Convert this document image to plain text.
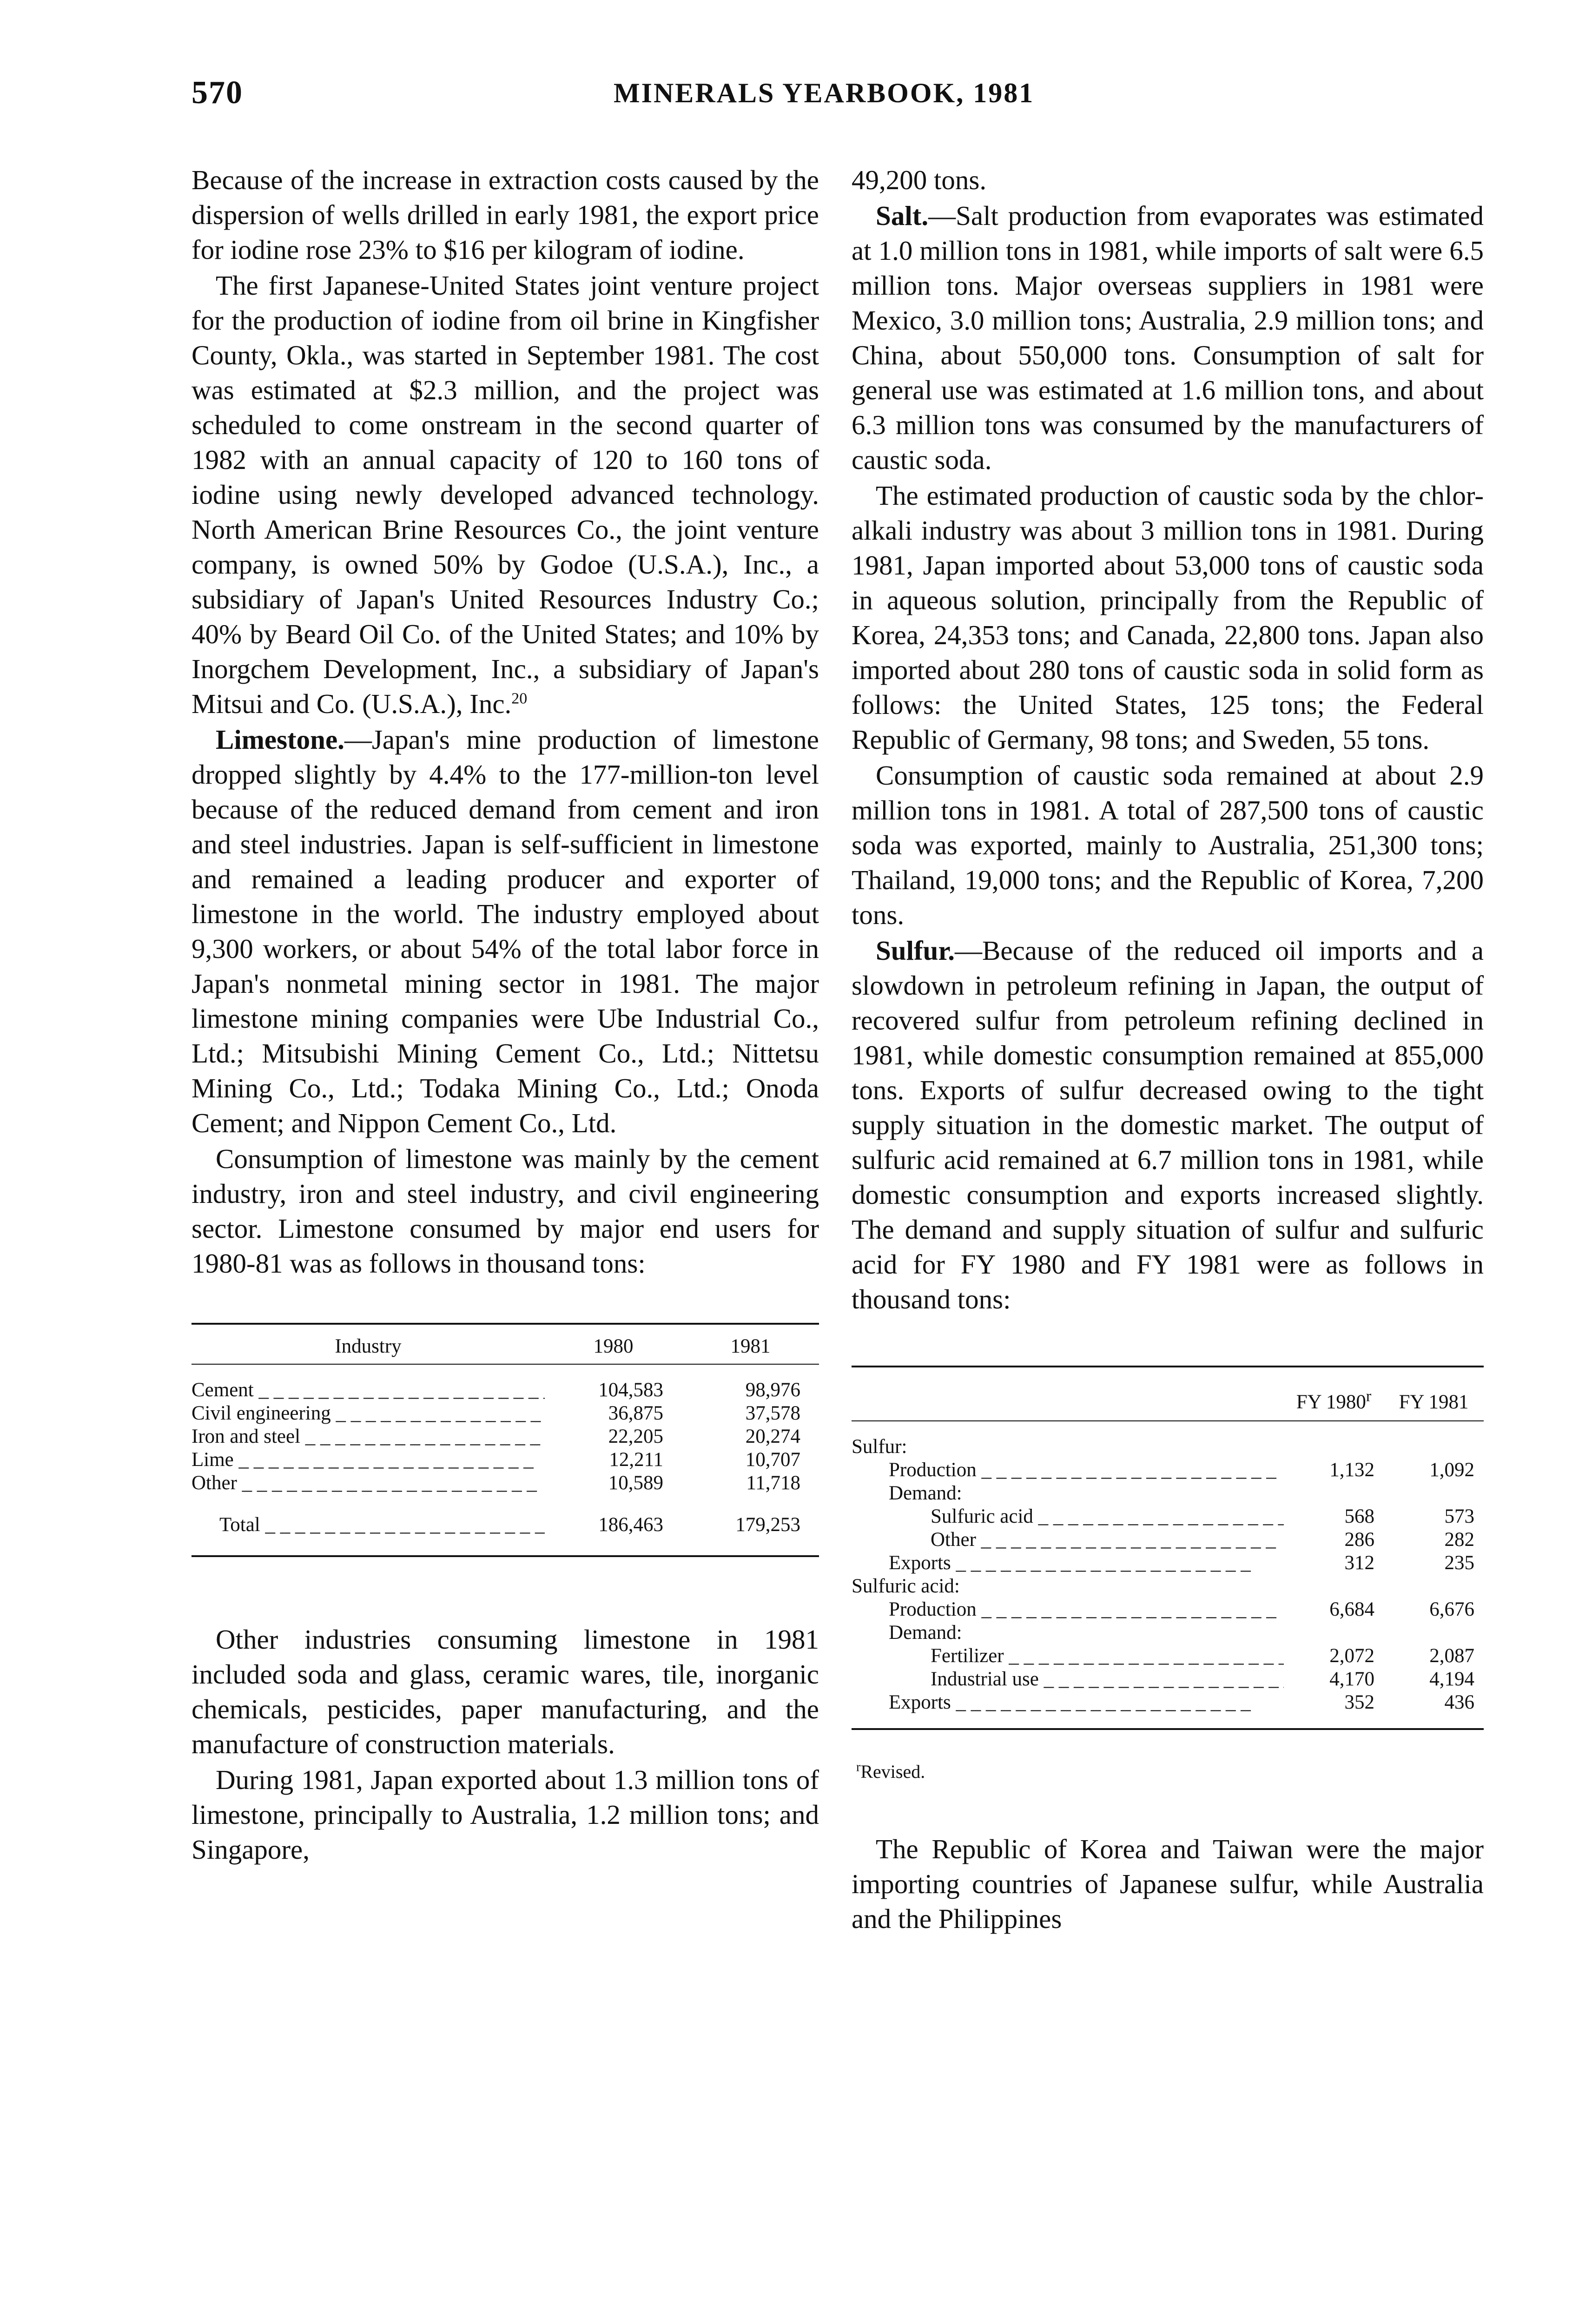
570	MINERALS YEARBOOK, 1981

Because of the increase in extraction costs caused by the dispersion of wells drilled in early 1981, the export price for iodine rose 23% to $16 per kilogram of iodine.

The first Japanese-United States joint venture project for the production of iodine from oil brine in Kingfisher County, Okla., was started in September 1981. The cost was estimated at $2.3 million, and the project was scheduled to come onstream in the second quarter of 1982 with an annual capacity of 120 to 160 tons of iodine using newly developed advanced technology. North American Brine Resources Co., the joint venture company, is owned 50% by Godoe (U.S.A.), Inc., a subsidiary of Japan's United Resources Industry Co.; 40% by Beard Oil Co. of the United States; and 10% by Inorgchem Development, Inc., a subsidiary of Japan's Mitsui and Co. (U.S.A.), Inc.$^{20}$

Limestone.—Japan's mine production of limestone dropped slightly by 4.4% to the 177-million-ton level because of the reduced demand from cement and iron and steel industries. Japan is self-sufficient in limestone and remained a leading producer and exporter of limestone in the world. The industry employed about 9,300 workers, or about 54% of the total labor force in Japan's nonmetal mining sector in 1981. The major limestone mining companies were Ube Industrial Co., Ltd.; Mitsubishi Mining Cement Co., Ltd.; Nittetsu Mining Co., Ltd.; Todaka Mining Co., Ltd.; Onoda Cement; and Nippon Cement Co., Ltd.

Consumption of limestone was mainly by the cement industry, iron and steel industry, and civil engineering sector. Limestone consumed by major end users for 1980-81 was as follows in thousand tons:

Industry	1980	1981
Cement _ _ _	104,583	98,976
Civil engineering _ _ _	36,875	37,578
Iron and steel _ _ _	22,205	20,274
Lime _ _ _	12,211	10,707
Other _ _ _	10,589	11,718
Total _ _ _	186,463	179,253

Other industries consuming limestone in 1981 included soda and glass, ceramic wares, tile, inorganic chemicals, pesticides, paper manufacturing, and the manufacture of construction materials.

During 1981, Japan exported about 1.3 million tons of limestone, principally to Australia, 1.2 million tons; and Singapore,

49,200 tons.

Salt.—Salt production from evaporates was estimated at 1.0 million tons in 1981, while imports of salt were 6.5 million tons. Major overseas suppliers in 1981 were Mexico, 3.0 million tons; Australia, 2.9 million tons; and China, about 550,000 tons. Consumption of salt for general use was estimated at 1.6 million tons, and about 6.3 million tons was consumed by the manufacturers of caustic soda.

The estimated production of caustic soda by the chlor-alkali industry was about 3 million tons in 1981. During 1981, Japan imported about 53,000 tons of caustic soda in aqueous solution, principally from the Republic of Korea, 24,353 tons; and Canada, 22,800 tons. Japan also imported about 280 tons of caustic soda in solid form as follows: the United States, 125 tons; the Federal Republic of Germany, 98 tons; and Sweden, 55 tons.

Consumption of caustic soda remained at about 2.9 million tons in 1981. A total of 287,500 tons of caustic soda was exported, mainly to Australia, 251,300 tons; Thailand, 19,000 tons; and the Republic of Korea, 7,200 tons.

Sulfur.—Because of the reduced oil imports and a slowdown in petroleum refining in Japan, the output of recovered sulfur from petroleum refining declined in 1981, while domestic consumption remained at 855,000 tons. Exports of sulfur decreased owing to the tight supply situation in the domestic market. The output of sulfuric acid remained at 6.7 million tons in 1981, while domestic consumption and exports increased slightly. The demand and supply situation of sulfur and sulfuric acid for FY 1980 and FY 1981 were as follows in thousand tons:

	FY 1980$^r$	FY 1981
Sulfur:		
Production _ _ _	1,132	1,092
Demand:		
Sulfuric acid _ _ _	568	573
Other _ _ _	286	282
Exports _ _ _	312	235
Sulfuric acid:		
Production _ _ _	6,684	6,676
Demand:		
Fertilizer _ _ _	2,072	2,087
Industrial use _ _ _	4,170	4,194
Exports _ _ _	352	436

$^r$Revised.

The Republic of Korea and Taiwan were the major importing countries of Japanese sulfur, while Australia and the Philippines
